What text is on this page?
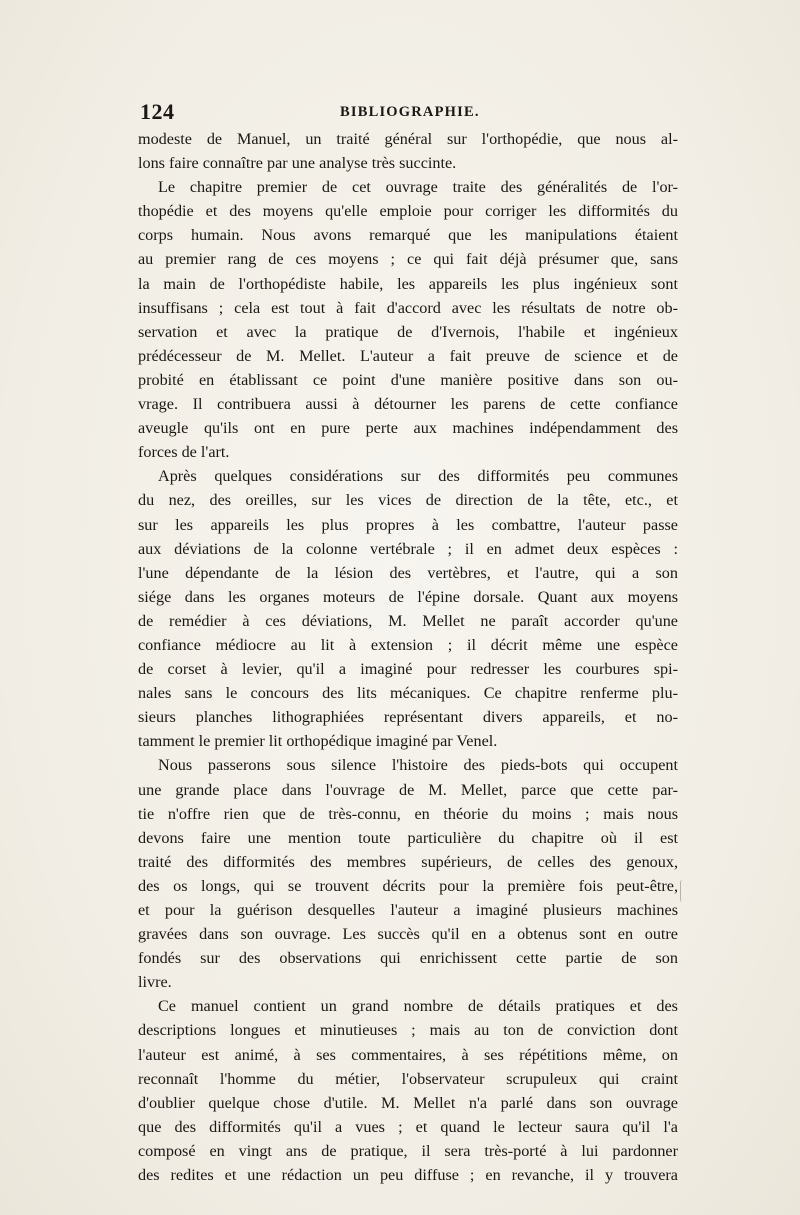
124	BIBLIOGRAPHIE.
modeste de Manuel, un traité général sur l'orthopédie, que nous al-
lons faire connaître par une analyse très succinte.
Le chapitre premier de cet ouvrage traite des généralités de l'or-
thopédie et des moyens qu'elle emploie pour corriger les difformités du
corps humain. Nous avons remarqué que les manipulations étaient
au premier rang de ces moyens ; ce qui fait déjà présumer que, sans
la main de l'orthopédiste habile, les appareils les plus ingénieux sont
insuffisans ; cela est tout à fait d'accord avec les résultats de notre ob-
servation et avec la pratique de d'Ivernois, l'habile et ingénieux
prédécesseur de M. Mellet. L'auteur a fait preuve de science et de
probité en établissant ce point d'une manière positive dans son ou-
vrage. Il contribuera aussi à détourner les parens de cette confiance
aveugle qu'ils ont en pure perte aux machines indépendamment des
forces de l'art.
Après quelques considérations sur des difformités peu communes
du nez, des oreilles, sur les vices de direction de la tête, etc., et
sur les appareils les plus propres à les combattre, l'auteur passe
aux déviations de la colonne vertébrale ; il en admet deux espèces :
l'une dépendante de la lésion des vertèbres, et l'autre, qui a son
siége dans les organes moteurs de l'épine dorsale. Quant aux moyens
de remédier à ces déviations, M. Mellet ne paraît accorder qu'une
confiance médiocre au lit à extension ; il décrit même une espèce
de corset à levier, qu'il a imaginé pour redresser les courbures spi-
nales sans le concours des lits mécaniques. Ce chapitre renferme plu-
sieurs planches lithographiées représentant divers appareils, et no-
tamment le premier lit orthopédique imaginé par Venel.
Nous passerons sous silence l'histoire des pieds-bots qui occupent
une grande place dans l'ouvrage de M. Mellet, parce que cette par-
tie n'offre rien que de très-connu, en théorie du moins ; mais nous
devons faire une mention toute particulière du chapitre où il est
traité des difformités des membres supérieurs, de celles des genoux,
des os longs, qui se trouvent décrits pour la première fois peut-être,
et pour la guérison desquelles l'auteur a imaginé plusieurs machines
gravées dans son ouvrage. Les succès qu'il en a obtenus sont en outre
fondés sur des observations qui enrichissent cette partie de son
livre.
Ce manuel contient un grand nombre de détails pratiques et des
descriptions longues et minutieuses ; mais au ton de conviction dont
l'auteur est animé, à ses commentaires, à ses répétitions même, on
reconnaît l'homme du métier, l'observateur scrupuleux qui craint
d'oublier quelque chose d'utile. M. Mellet n'a parlé dans son ouvrage
que des difformités qu'il a vues ; et quand le lecteur saura qu'il l'a
composé en vingt ans de pratique, il sera très-porté à lui pardonner
des redites et une rédaction un peu diffuse ; en revanche, il y trouvera
